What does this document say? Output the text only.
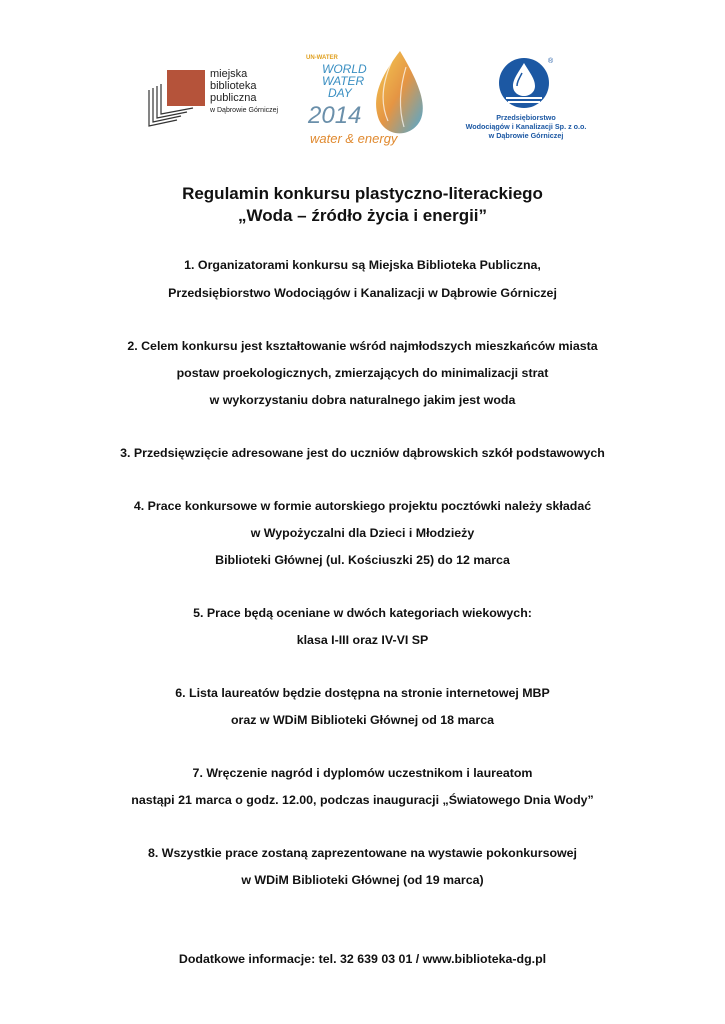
miejska
biblioteka
publiczna
w Dąbrowie Górniczej
UN-WATER
WORLD
WATER
DAY
2014
water & energy
®
Przedsiębiorstwo
Wodociągów i Kanalizacji Sp. z o.o.
w Dąbrowie Górniczej
Regulamin konkursu plastyczno-literackiego
„Woda – źródło życia i energii”
1. Organizatorami konkursu są Miejska Biblioteka Publiczna,
Przedsiębiorstwo Wodociągów i Kanalizacji w Dąbrowie Górniczej
2. Celem konkursu jest kształtowanie wśród najmłodszych mieszkańców miasta
postaw proekologicznych, zmierzających do minimalizacji strat
w wykorzystaniu dobra naturalnego jakim jest woda
3. Przedsięwzięcie adresowane jest do uczniów dąbrowskich szkół podstawowych
4. Prace konkursowe w formie autorskiego projektu pocztówki należy składać
w Wypożyczalni dla Dzieci i Młodzieży
Biblioteki Głównej (ul. Kościuszki 25) do 12 marca
5. Prace będą oceniane w dwóch kategoriach wiekowych:
klasa I-III oraz IV-VI SP
6. Lista laureatów będzie dostępna na stronie internetowej MBP
oraz w WDiM Biblioteki Głównej od 18 marca
7. Wręczenie nagród i dyplomów uczestnikom i laureatom
nastąpi 21 marca o godz. 12.00, podczas inauguracji „Światowego Dnia Wody”
8. Wszystkie prace zostaną zaprezentowane na wystawie pokonkursowej
w WDiM Biblioteki Głównej (od 19 marca)
Dodatkowe informacje: tel. 32 639 03 01 / www.biblioteka-dg.pl
